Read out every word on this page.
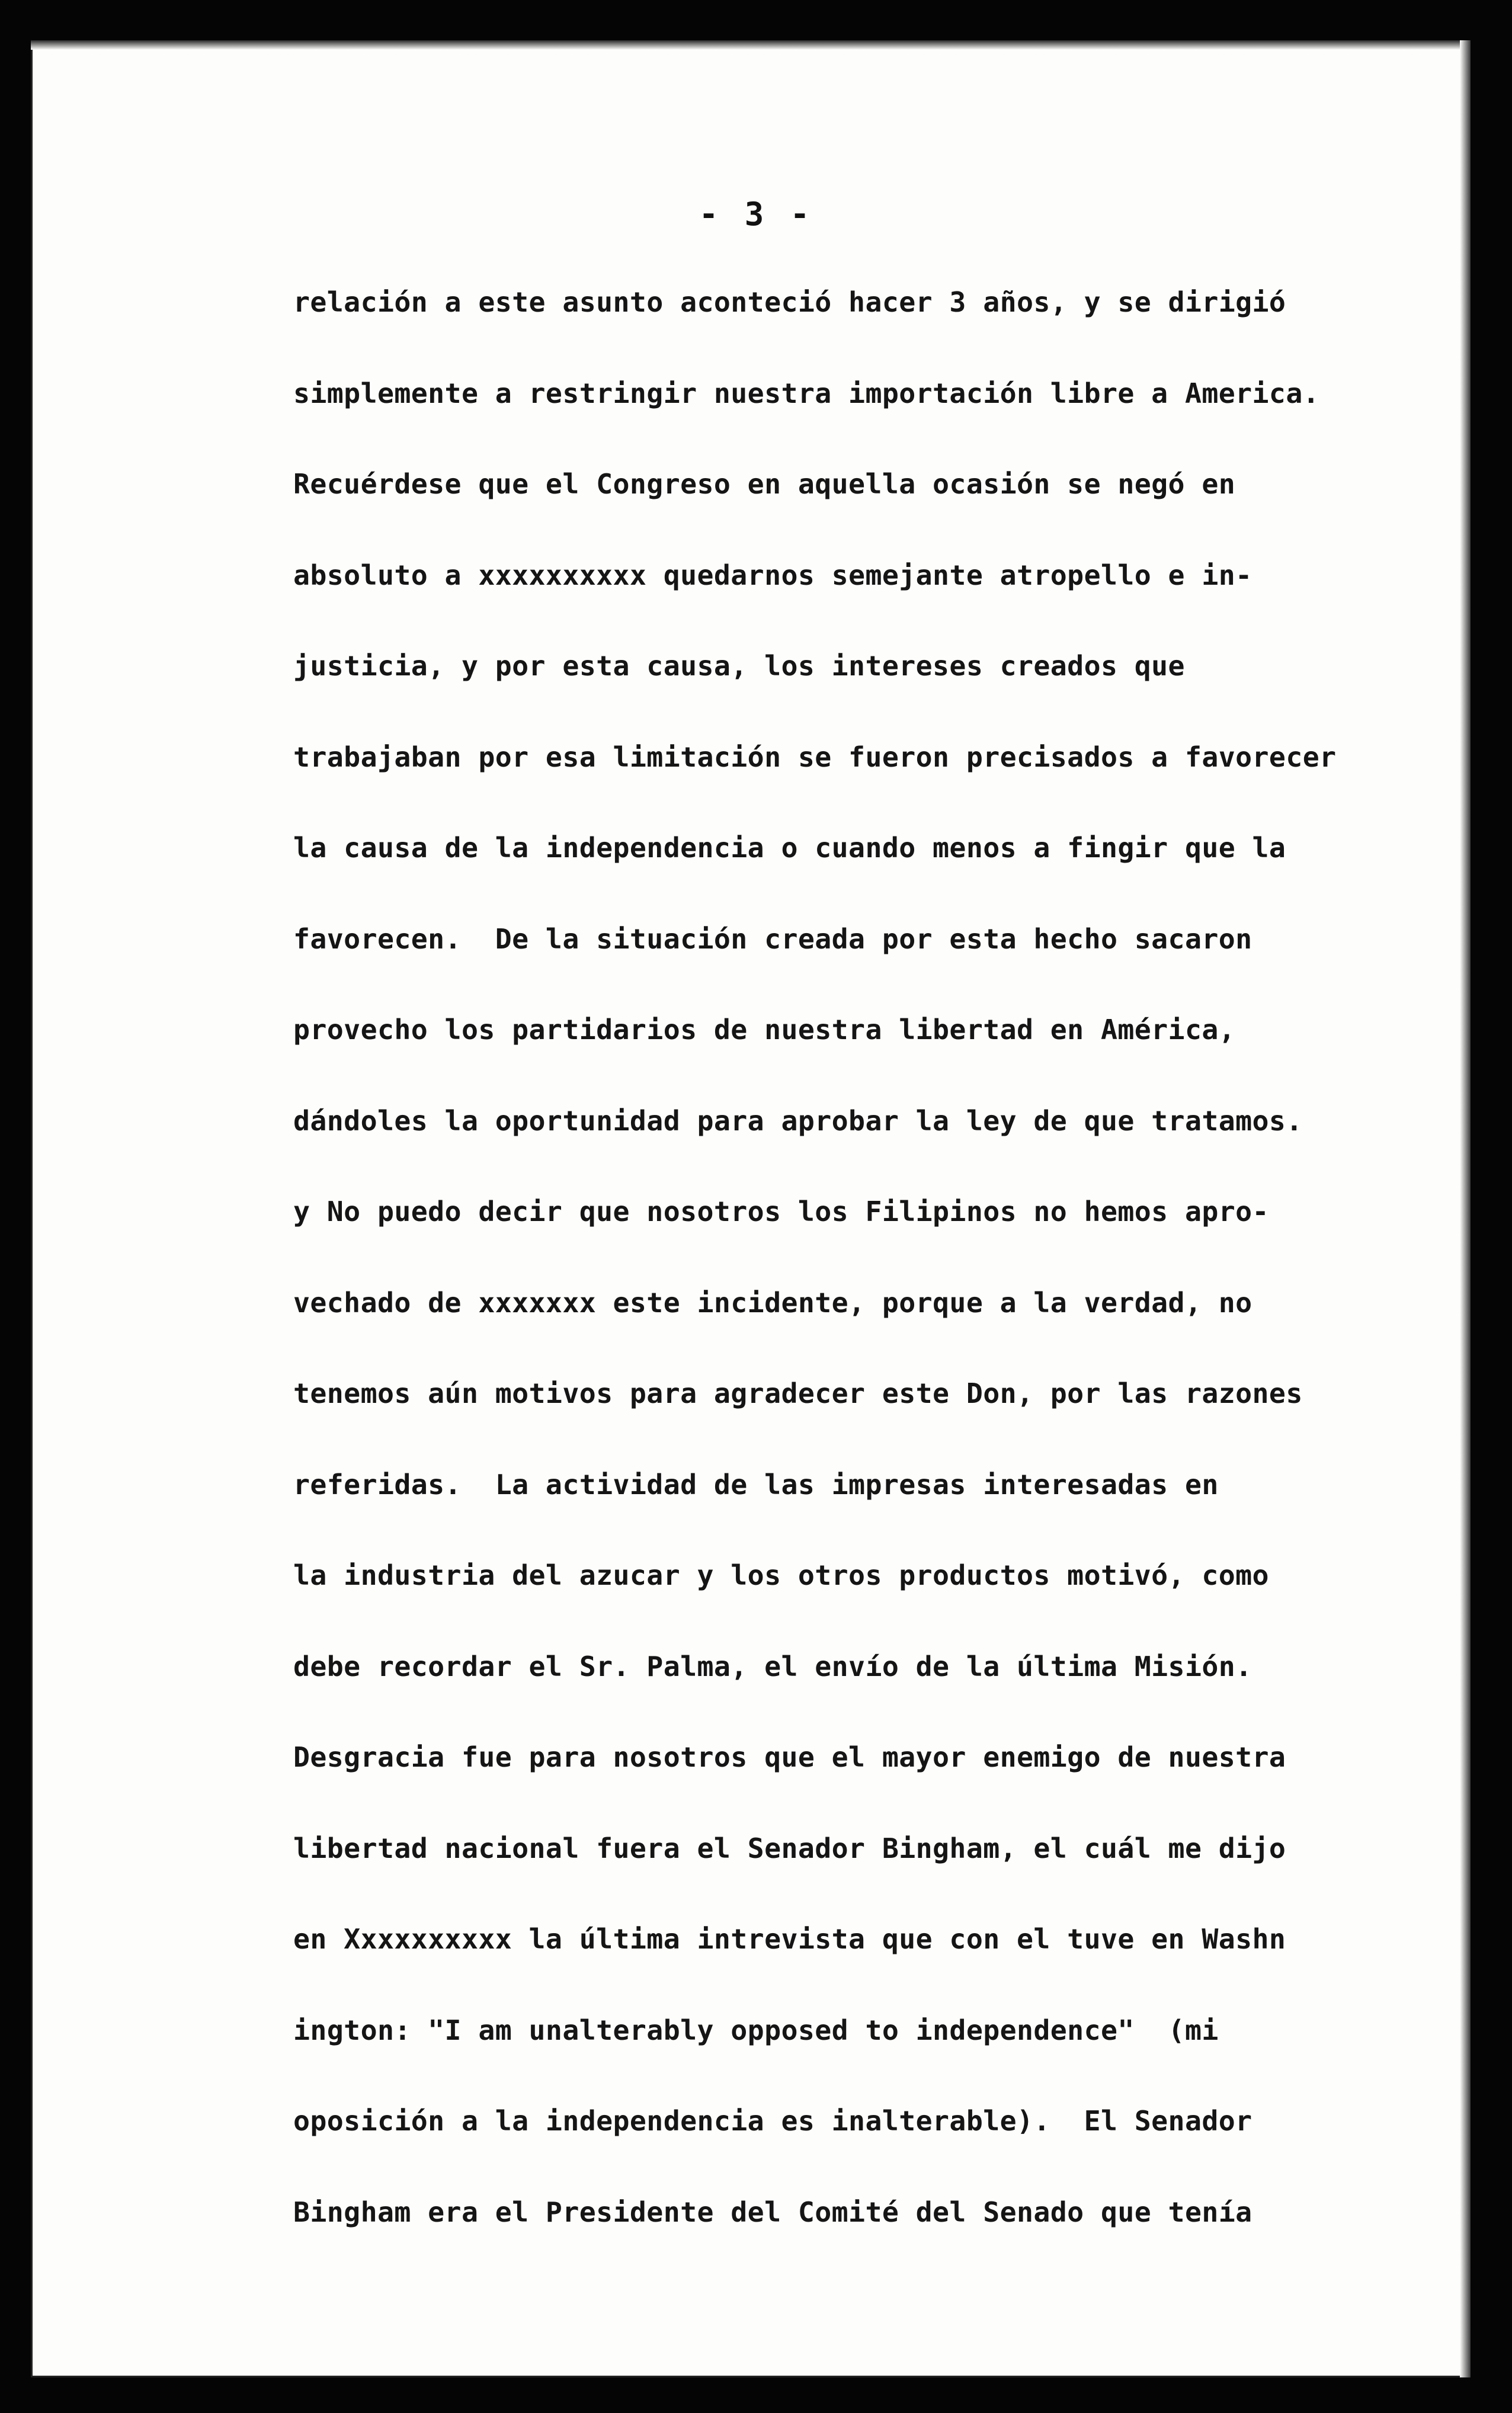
- 3 -
relación a este asunto aconteció hacer 3 años, y se dirigió
simplemente a restringir nuestra importación libre a America.
Recuérdese que el Congreso en aquella ocasión se negó en
absoluto a xxxxxxxxxx quedarnos semejante atropello e in-
justicia, y por esta causa, los intereses creados que
trabajaban por esa limitación se fueron precisados a favorecer
la causa de la independencia o cuando menos a fingir que la
favorecen.  De la situación creada por esta hecho sacaron
provecho los partidarios de nuestra libertad en América,
dándoles la oportunidad para aprobar la ley de que tratamos.
y No puedo decir que nosotros los Filipinos no hemos apro-
vechado de xxxxxxx este incidente, porque a la verdad, no
tenemos aún motivos para agradecer este Don, por las razones
referidas.  La actividad de las impresas interesadas en
la industria del azucar y los otros productos motivó, como
debe recordar el Sr. Palma, el envío de la última Misión.
Desgracia fue para nosotros que el mayor enemigo de nuestra
libertad nacional fuera el Senador Bingham, el cuál me dijo
en Xxxxxxxxxx la última intrevista que con el tuve en Washn
ington: "I am unalterably opposed to independence"  (mi
oposición a la independencia es inalterable).  El Senador
Bingham era el Presidente del Comité del Senado que tenía
